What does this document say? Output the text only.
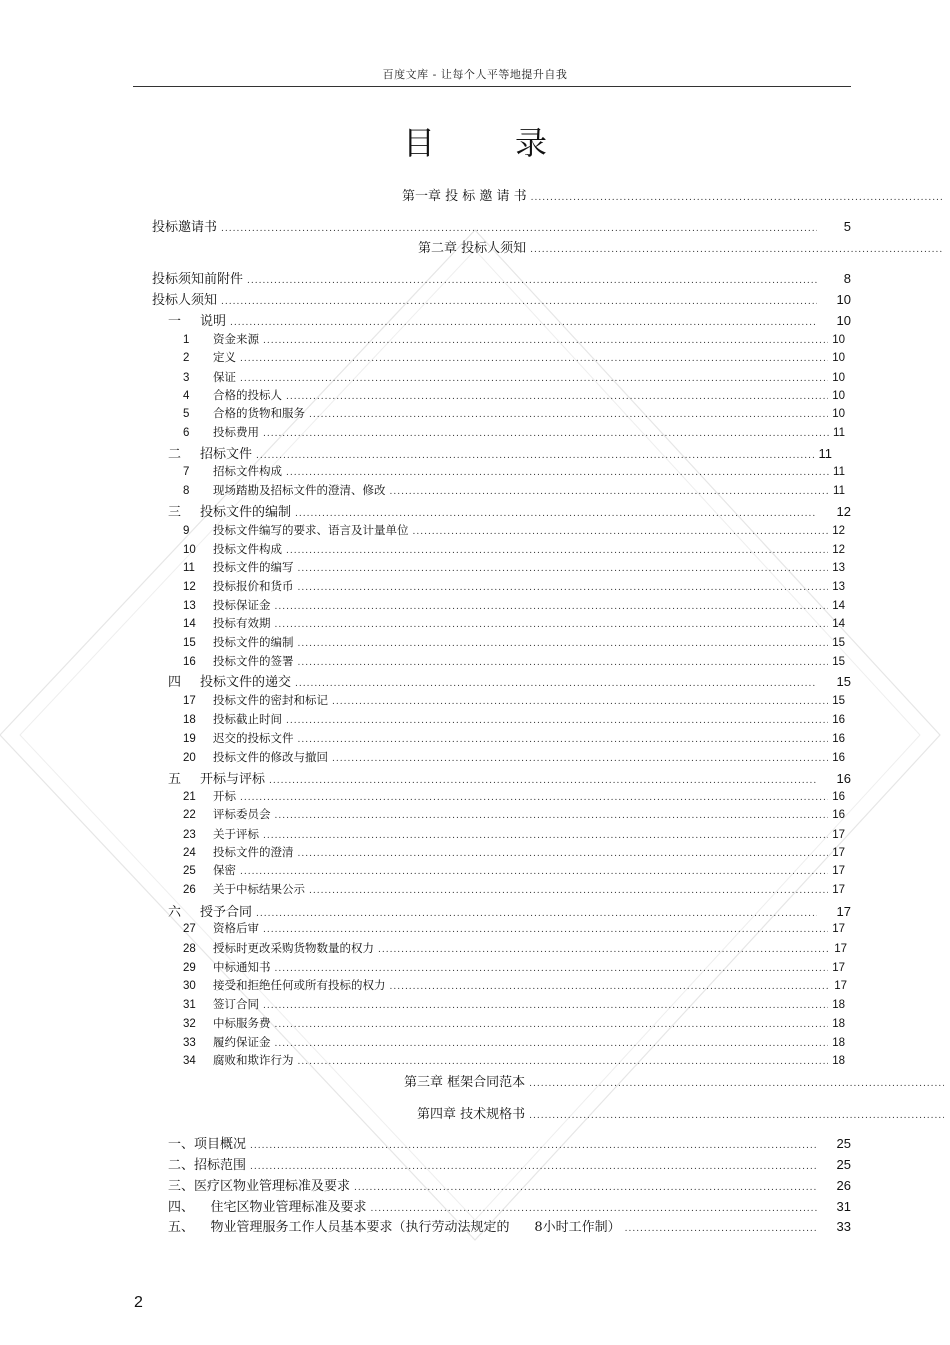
百度文库 - 让每个人平等地提升自我
目录
第一章 投 标 邀 请 书
.....
投标邀请书 .....	5
第二章 投标人须知
.....
投标须知前附件 .....	8
投标人须知 .....	10
一 说明 .....	10
1 资金来源 .....	10
2 定义 .....	10
3 保证 .....	10
4 合格的投标人 .....	10
5 合格的货物和服务 .....	10
6 投标费用 .....	11
二 招标文件 .....	11
7 招标文件构成 .....	11
8 现场踏勘及招标文件的澄清、修改 .....	11
三 投标文件的编制 .....	12
9 投标文件编写的要求、语言及计量单位 .....	12
10 投标文件构成 .....	12
11 投标文件的编写 .....	13
12 投标报价和货币 .....	13
13 投标保证金 .....	14
14 投标有效期 .....	14
15 投标文件的编制 .....	15
16 投标文件的签署 .....	15
四 投标文件的递交 .....	15
17 投标文件的密封和标记 .....	15
18 投标截止时间 .....	16
19 迟交的投标文件 .....	16
20 投标文件的修改与撤回 .....	16
五 开标与评标 .....	16
21 开标 .....	16
22 评标委员会 .....	16
23 关于评标 .....	17
24 投标文件的澄清 .....	17
25 保密 .....	17
26 关于中标结果公示 .....	17
六 授予合同 .....	17
27 资格后审 .....	17
28 授标时更改采购货物数量的权力 .....	17
29 中标通知书 .....	17
30 接受和拒绝任何或所有投标的权力 .....	17
31 签订合同 .....	18
32 中标服务费 .....	18
33 履约保证金 .....	18
34 腐败和欺诈行为 .....	18
第三章 框架合同范本
.....
第四章 技术规格书
.....
一、项目概况 .....	25
二、招标范围 .....	25
三、医疗区物业管理标准及要求 .....	26
四、    住宅区物业管理标准及要求 .....	31
五、    物业管理服务工作人员基本要求（执行劳动法规定的      8小时工作制） .....	33
2
